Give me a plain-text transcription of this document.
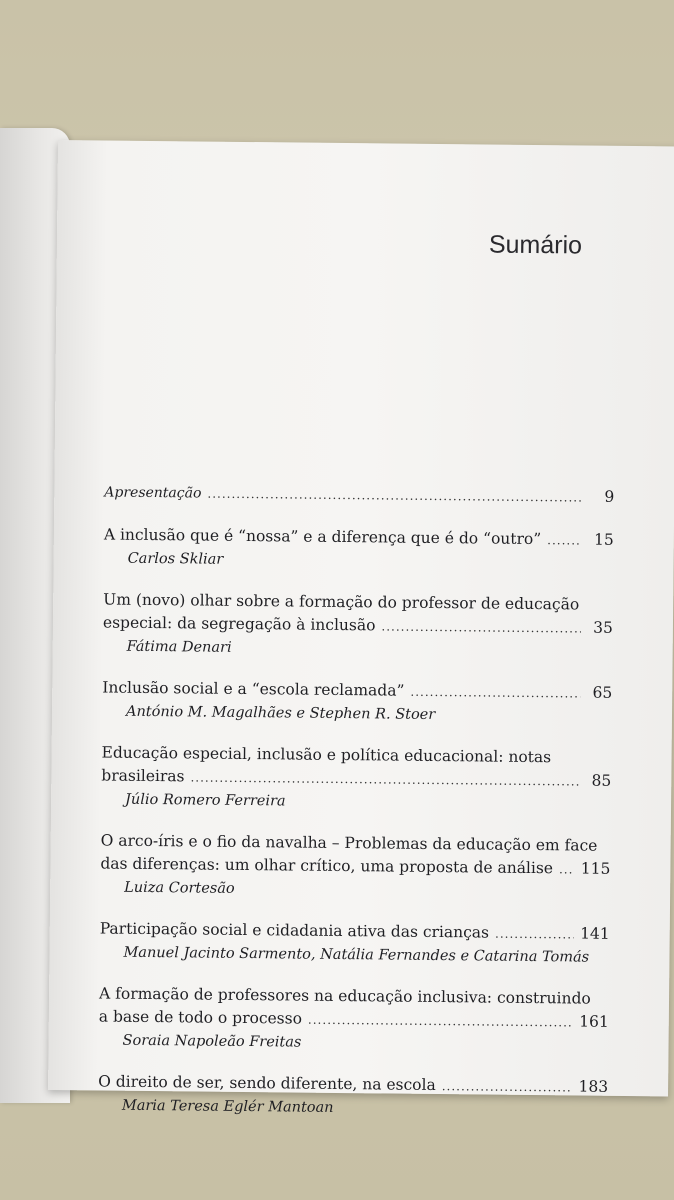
Sumário
Apresentação .....	9
A inclusão que é “nossa” e a diferença que é do “outro” .....	15
Carlos Skliar
Um (novo) olhar sobre a formação do professor de educação
especial: da segregação à inclusão .....	35
Fátima Denari
Inclusão social e a “escola reclamada” .....	65
António M. Magalhães e Stephen R. Stoer
Educação especial, inclusão e política educacional: notas
brasileiras .....	85
Júlio Romero Ferreira
O arco-íris e o fio da navalha – Problemas da educação em face
das diferenças: um olhar crítico, uma proposta de análise ..... 115
Luiza Cortesão
Participação social e cidadania ativa das crianças .....	141
Manuel Jacinto Sarmento, Natália Fernandes e Catarina Tomás
A formação de professores na educação inclusiva: construindo
a base de todo o processo .....	161
Soraia Napoleão Freitas
O direito de ser, sendo diferente, na escola .....	183
Maria Teresa Eglér Mantoan
